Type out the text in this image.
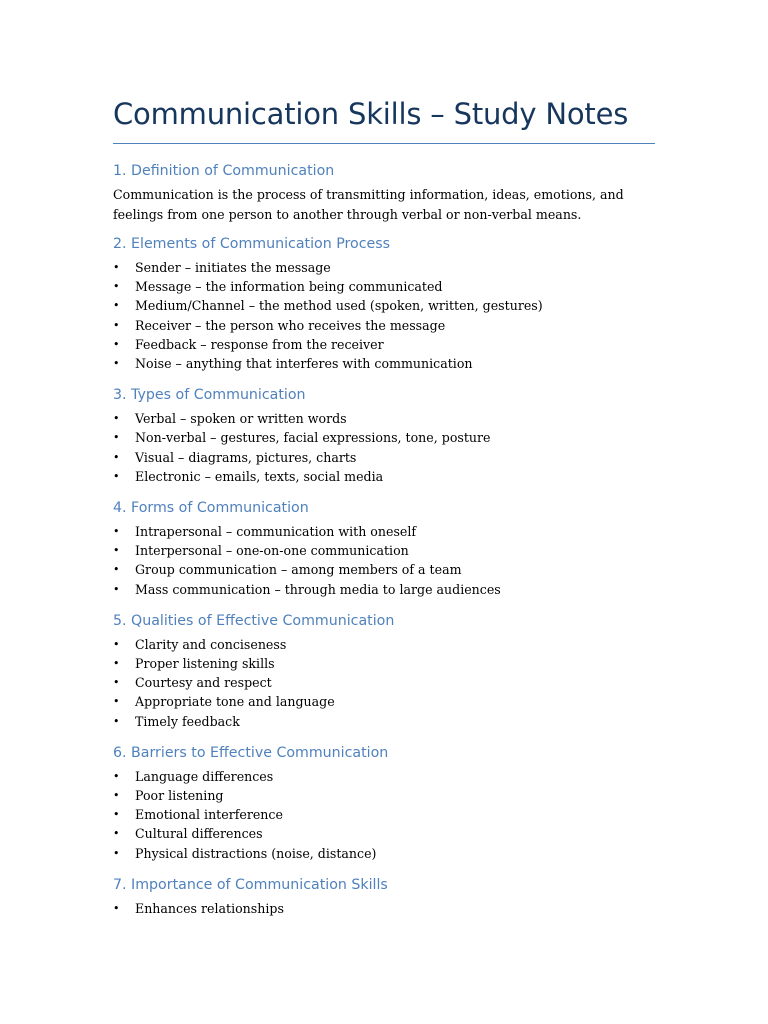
Communication Skills – Study Notes
1. Definition of Communication

Communication is the process of transmitting information, ideas, emotions, and feelings from one person to another through verbal or non-verbal means.

2. Elements of Communication Process
• Sender – initiates the message
• Message – the information being communicated
• Medium/Channel – the method used (spoken, written, gestures)
• Receiver – the person who receives the message
• Feedback – response from the receiver
• Noise – anything that interferes with communication
3. Types of Communication
• Verbal – spoken or written words
• Non-verbal – gestures, facial expressions, tone, posture
• Visual – diagrams, pictures, charts
• Electronic – emails, texts, social media
4. Forms of Communication
• Intrapersonal – communication with oneself
• Interpersonal – one-on-one communication
• Group communication – among members of a team
• Mass communication – through media to large audiences
5. Qualities of Effective Communication
• Clarity and conciseness
• Proper listening skills
• Courtesy and respect
• Appropriate tone and language
• Timely feedback
6. Barriers to Effective Communication
• Language differences
• Poor listening
• Emotional interference
• Cultural differences
• Physical distractions (noise, distance)
7. Importance of Communication Skills
• Enhances relationships
